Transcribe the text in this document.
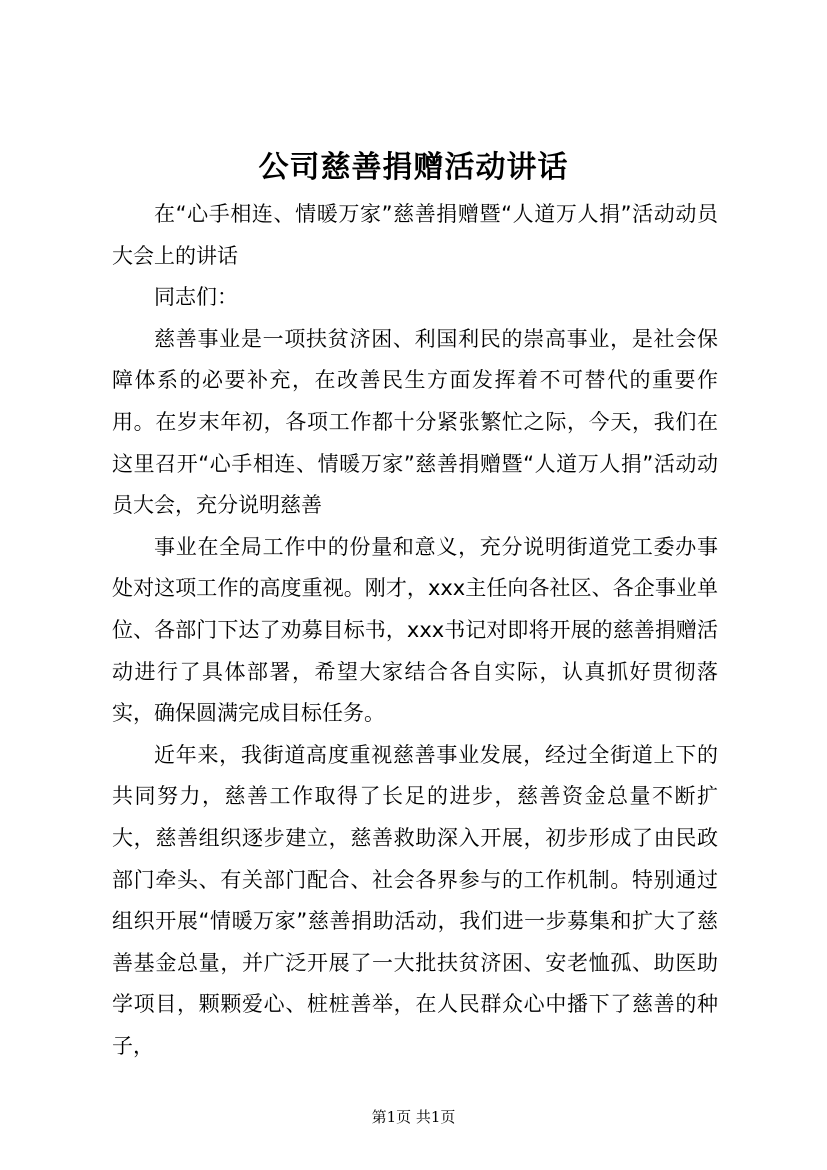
公司慈善捐赠活动讲话

在“心手相连、情暖万家”慈善捐赠暨“人道万人捐”活动动员大会上的讲话

同志们：

慈善事业是一项扶贫济困、利国利民的崇高事业，是社会保障体系的必要补充，在改善民生方面发挥着不可替代的重要作用。在岁末年初，各项工作都十分紧张繁忙之际，今天，我们在这里召开“心手相连、情暖万家”慈善捐赠暨“人道万人捐”活动动员大会，充分说明慈善

事业在全局工作中的份量和意义，充分说明街道党工委办事处对这项工作的高度重视。刚才，xxx主任向各社区、各企事业单位、各部门下达了劝募目标书，xxx书记对即将开展的慈善捐赠活动进行了具体部署，希望大家结合各自实际，认真抓好贯彻落实，确保圆满完成目标任务。

近年来，我街道高度重视慈善事业发展，经过全街道上下的共同努力，慈善工作取得了长足的进步，慈善资金总量不断扩大，慈善组织逐步建立，慈善救助深入开展，初步形成了由民政部门牵头、有关部门配合、社会各界参与的工作机制。特别通过组织开展“情暖万家”慈善捐助活动，我们进一步募集和扩大了慈善基金总量，并广泛开展了一大批扶贫济困、安老恤孤、助医助学项目，颗颗爱心、桩桩善举，在人民群众心中播下了慈善的种子，

第1页 共1页
